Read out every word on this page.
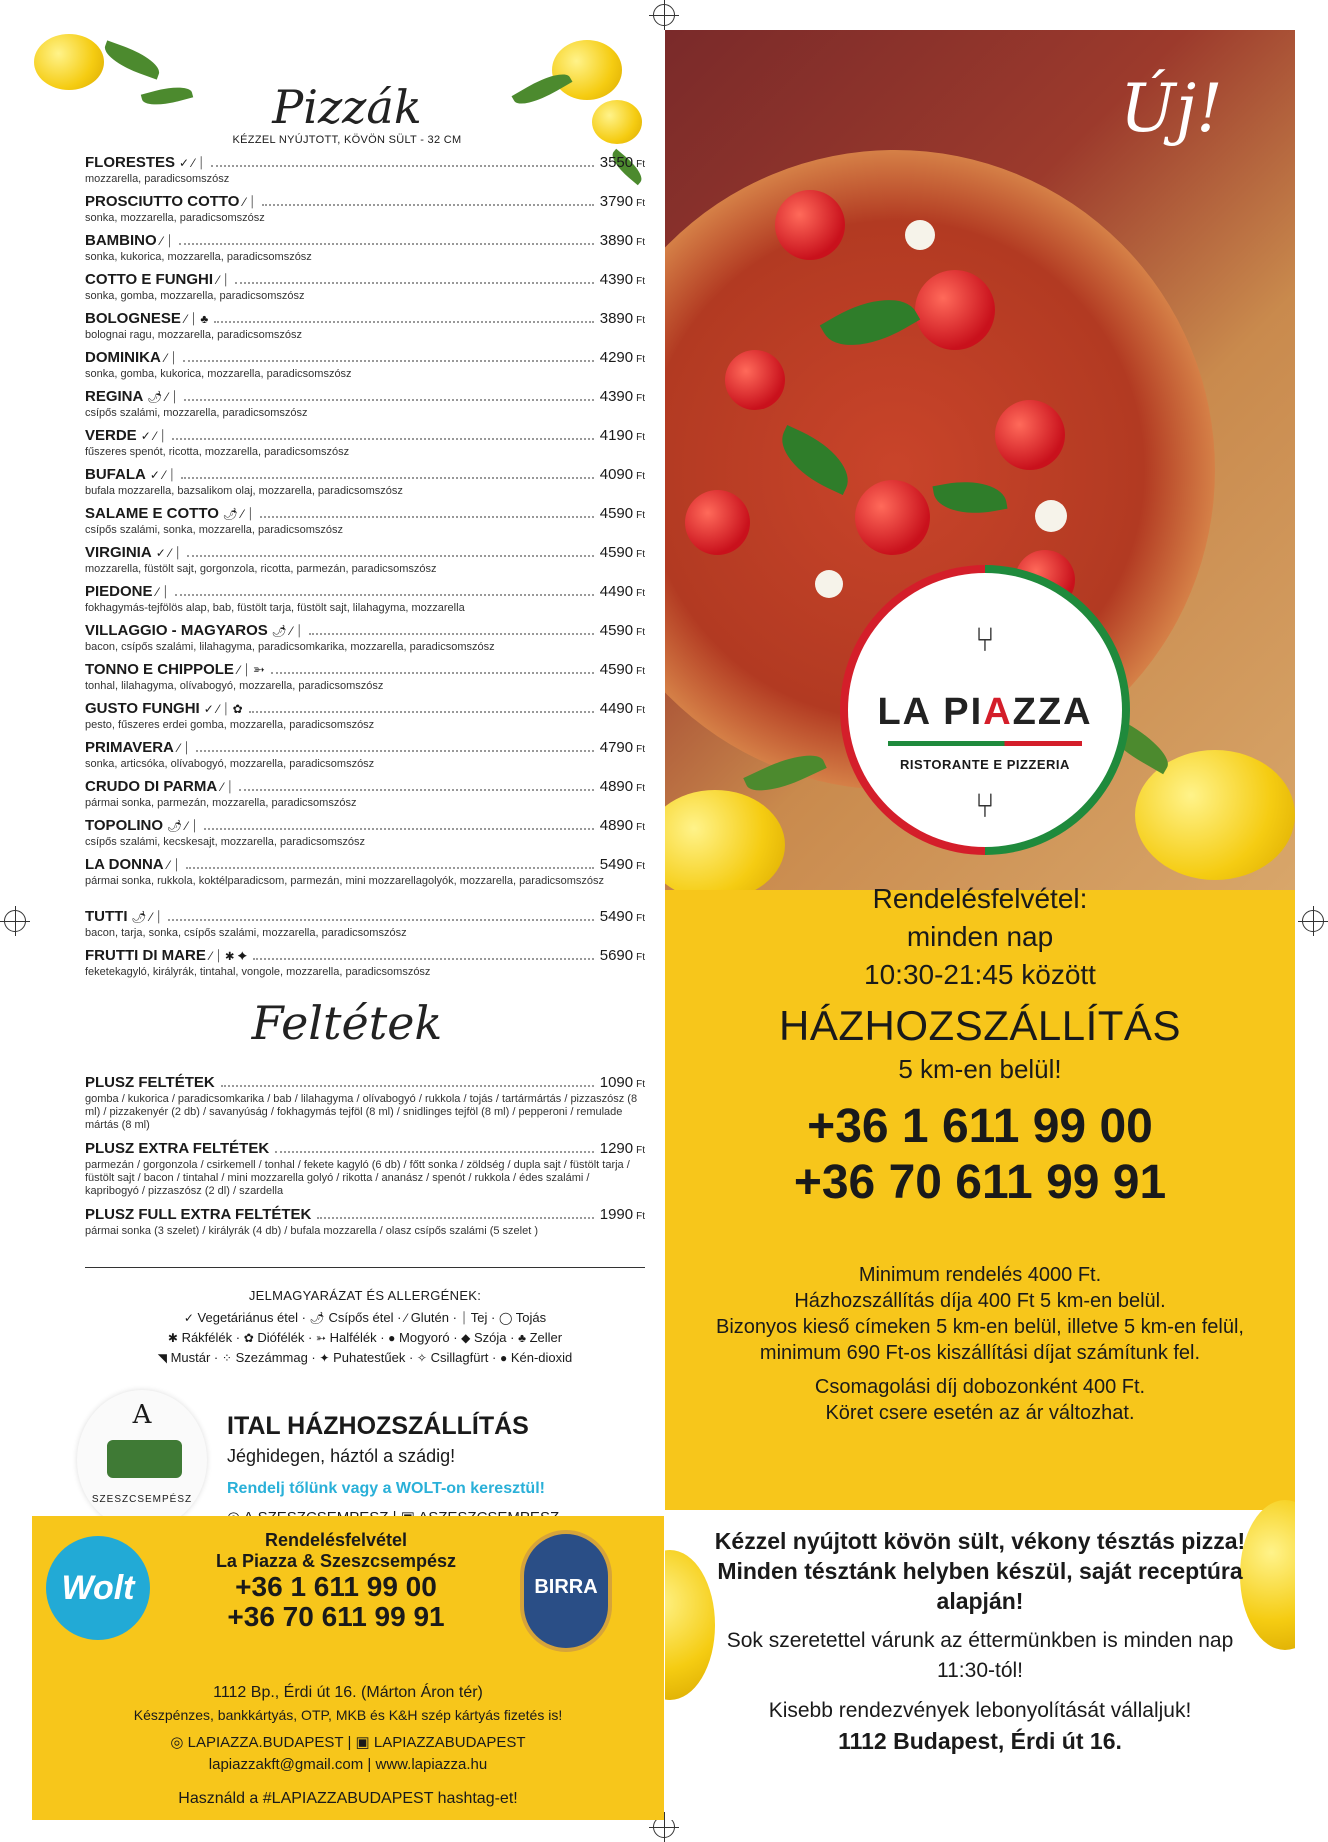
Pizzák
KÉZZEL NYÚJTOTT, KÖVÖN SÜLT - 32 CM
FLORESTES ✓ ⁄ ⏐	3550 Ft
mozzarella, paradicsomszósz
PROSCIUTTO COTTO ⁄ ⏐	3790 Ft
sonka, mozzarella, paradicsomszósz
BAMBINO ⁄ ⏐	3890 Ft
sonka, kukorica, mozzarella, paradicsomszósz
COTTO E FUNGHI ⁄ ⏐	4390 Ft
sonka, gomba, mozzarella, paradicsomszósz
BOLOGNESE ⁄ ⏐ ♣	3890 Ft
bolognai ragu, mozzarella, paradicsomszósz
DOMINIKA ⁄ ⏐	4290 Ft
sonka, gomba, kukorica, mozzarella, paradicsomszósz
REGINA 🌶 ⁄ ⏐	4390 Ft
csípős szalámi, mozzarella, paradicsomszósz
VERDE ✓ ⁄ ⏐	4190 Ft
fűszeres spenót, ricotta, mozzarella, paradicsomszósz
BUFALA ✓ ⁄ ⏐	4090 Ft
bufala mozzarella, bazsalikom olaj, mozzarella, paradicsomszósz
SALAME E COTTO 🌶 ⁄ ⏐	4590 Ft
csípős szalámi, sonka, mozzarella, paradicsomszósz
VIRGINIA ✓ ⁄ ⏐	4590 Ft
mozzarella, füstölt sajt, gorgonzola, ricotta, parmezán, paradicsomszósz
PIEDONE ⁄ ⏐	4490 Ft
fokhagymás-tejfölös alap, bab, füstölt tarja, füstölt sajt, lilahagyma, mozzarella
VILLAGGIO - MAGYAROS 🌶 ⁄ ⏐	4590 Ft
bacon, csípős szalámi, lilahagyma, paradicsomkarika, mozzarella, paradicsomszósz
TONNO E CHIPPOLE ⁄ ⏐ ➳	4590 Ft
tonhal, lilahagyma, olívabogyó, mozzarella, paradicsomszósz
GUSTO FUNGHI ✓ ⁄ ⏐ ✿	4490 Ft
pesto, fűszeres erdei gomba, mozzarella, paradicsomszósz
PRIMAVERA ⁄ ⏐	4790 Ft
sonka, articsóka, olívabogyó, mozzarella, paradicsomszósz
CRUDO DI PARMA ⁄ ⏐	4890 Ft
pármai sonka, parmezán, mozzarella, paradicsomszósz
TOPOLINO 🌶 ⁄ ⏐	4890 Ft
csípős szalámi, kecskesajt, mozzarella, paradicsomszósz
LA DONNA ⁄ ⏐	5490 Ft
pármai sonka, rukkola, koktélparadicsom, parmezán, mini mozzarellagolyók, mozzarella, paradicsomszósz
TUTTI 🌶 ⁄ ⏐	5490 Ft
bacon, tarja, sonka, csípős szalámi, mozzarella, paradicsomszósz
FRUTTI DI MARE ⁄ ⏐ ✱ ✦	5690 Ft
feketekagyló, királyrák, tintahal, vongole, mozzarella, paradicsomszósz
Feltétek
PLUSZ FELTÉTEK	1090 Ft
gomba / kukorica / paradicsomkarika / bab / lilahagyma / olívabogyó / rukkola / tojás / tartármártás / pizzaszósz (8 ml) / pizzakenyér (2 db) / savanyúság / fokhagymás tejföl (8 ml) / snidlinges tejföl (8 ml) / pepperoni / remulade mártás (8 ml)
PLUSZ EXTRA FELTÉTEK	1290 Ft
parmezán / gorgonzola / csirkemell / tonhal / fekete kagyló (6 db) / főtt sonka / zöldség / dupla sajt / füstölt tarja / füstölt sajt / bacon / tintahal / mini mozzarella golyó / rikotta / ananász / spenót / rukkola / édes szalámi / kapribogyó / pizzaszósz (2 dl) / szardella
PLUSZ FULL EXTRA FELTÉTEK	1990 Ft
pármai sonka (3 szelet) / királyrák (4 db) / bufala mozzarella / olasz csípős szalámi (5 szelet )
JELMAGYARÁZAT ÉS ALLERGÉNEK:
✓ Vegetáriánus étel · 🌶 Csípős étel · ⁄ Glutén · ⏐ Tej · ◯ Tojás
✱ Rákfélék · ✿ Diófélék · ➳ Halfélék · ● Mogyoró · ◆ Szója · ♣ Zeller
◥ Mustár · ⁘ Szezámmag · ✦ Puhatestűek · ✧ Csillagfürt · ● Kén-dioxid
A
SZESZCSEMPÉSZ
ITAL HÁZHOZSZÁLLÍTÁS
Jéghidegen, háztól a szádig!
Rendelj tőlünk vagy a WOLT-on keresztül!
Wolt	BIRRA
Rendelésfelvétel
La Piazza & Szeszcsempész
+36 1 611 99 00
+36 70 611 99 91
1112 Bp., Érdi út 16. (Márton Áron tér)
Készpénzes, bankkártyás, OTP, MKB és K&H szép kártyás fizetés is!
◎ LAPIAZZA.BUDAPEST | ▣ LAPIAZZABUDAPEST
lapiazzakft@gmail.com | www.lapiazza.hu
Használd a #LAPIAZZABUDAPEST hashtag-et!
Új!
⑂
LA PIAZZA
RISTORANTE E PIZZERIA
⑂
Rendelésfelvétel:
minden nap
10:30-21:45 között
HÁZHOZSZÁLLÍTÁS
5 km-en belül!
+36 1 611 99 00
+36 70 611 99 91
Minimum rendelés 4000 Ft.
Házhozszállítás díja 400 Ft 5 km-en belül.
Bizonyos kieső címeken 5 km-en belül, illetve 5 km-en felül, minimum 690 Ft-os kiszállítási díjat számítunk fel.
Csomagolási díj dobozonként 400 Ft.
Köret csere esetén az ár változhat.
Kézzel nyújtott kövön sült, vékony tésztás pizza! Minden tésztánk helyben készül, saját receptúra alapján!
Sok szeretettel várunk az éttermünkben is minden nap 11:30-tól!
Kisebb rendezvények lebonyolítását vállaljuk!
1112 Budapest, Érdi út 16.
